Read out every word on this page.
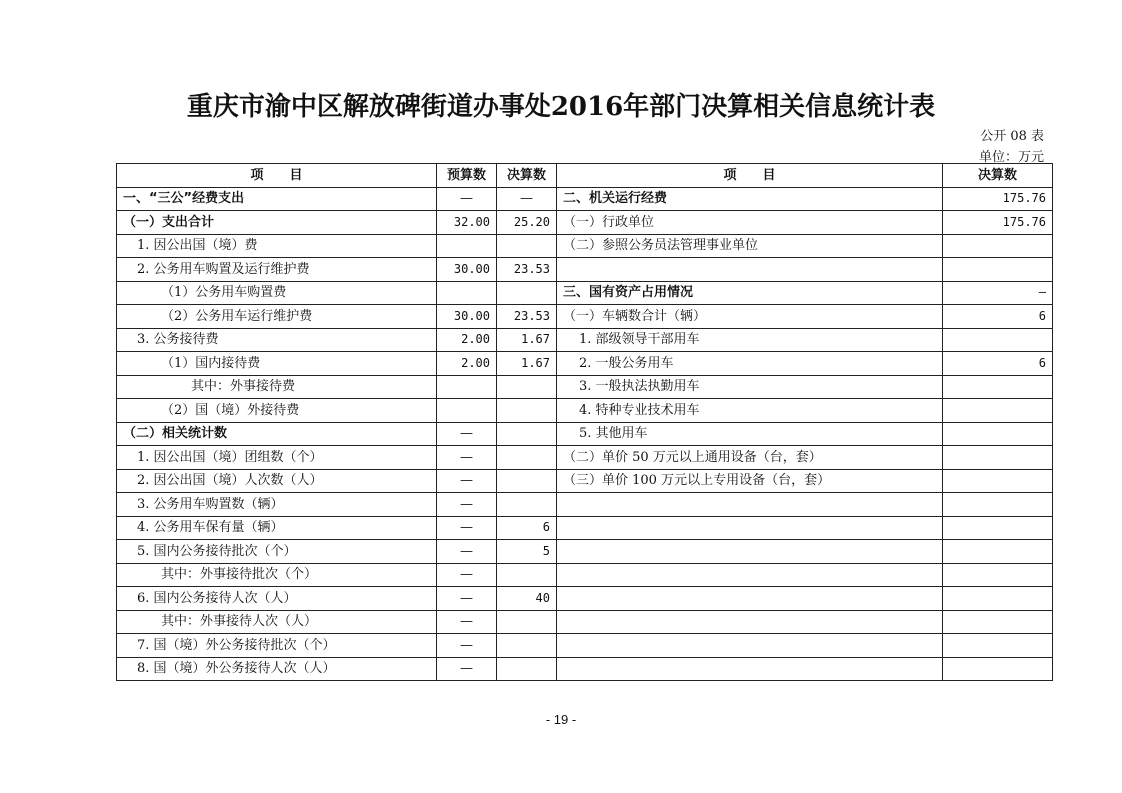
重庆市渝中区解放碑街道办事处2016年部门决算相关信息统计表
公开 08 表
单位：万元
项　　目	预算数	决算数	项　　目	决算数
一、“三公”经费支出	—	—	二、机关运行经费	175.76
（一）支出合计	32.00	25.20	（一）行政单位	175.76
1. 因公出国（境）费			（二）参照公务员法管理事业单位	
2. 公务用车购置及运行维护费	30.00	23.53		
（1）公务用车购置费			三、国有资产占用情况	—
（2）公务用车运行维护费	30.00	23.53	（一）车辆数合计（辆）	6
3. 公务接待费	2.00	1.67	1. 部级领导干部用车	
（1）国内接待费	2.00	1.67	2. 一般公务用车	6
其中：外事接待费			3. 一般执法执勤用车	
（2）国（境）外接待费			4. 特种专业技术用车	
（二）相关统计数	—		5. 其他用车	
1. 因公出国（境）团组数（个）	—		（二）单价 50 万元以上通用设备（台，套）	
2. 因公出国（境）人次数（人）	—		（三）单价 100 万元以上专用设备（台，套）	
3. 公务用车购置数（辆）	—			
4. 公务用车保有量（辆）	—	6		
5. 国内公务接待批次（个）	—	5		
其中：外事接待批次（个）	—			
6. 国内公务接待人次（人）	—	40		
其中：外事接待人次（人）	—			
7. 国（境）外公务接待批次（个）	—			
8. 国（境）外公务接待人次（人）	—			
- 19 -
